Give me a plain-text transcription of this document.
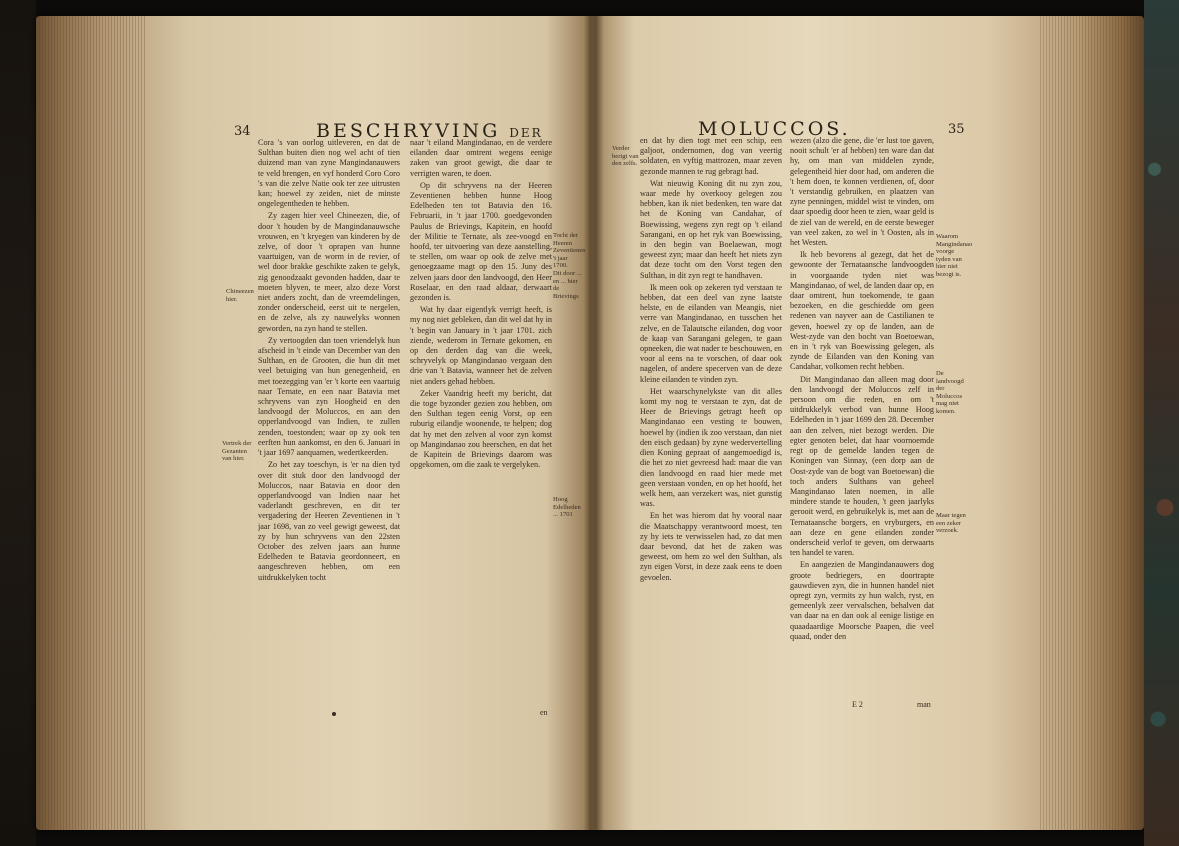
34	BESCHRYVING DER

Cora 's van oorlog uitleveren, en dat de Sulthan buiten dien nog wel acht of tien duizend man van zyne Mangindanauwers te veld brengen, en vyf honderd Coro Coro 's van die zelve Natie ook ter zee uitrusten kan; hoewel zy zeiden, niet de minste ongelegentheden te hebben.

Zy zagen hier veel Chineezen, die, of door 't houden by de Mangindanauwsche vrouwen, en 't kryegen van kinderen by de zelve, of door 't oprapen van hunne vaartuigen, van de worm in de revier, of wel door brakke geschikte zaken te gelyk, zig genoodzaakt gevonden hadden, daar te moeten blyven, te meer, alzo deze Vorst niet anders zocht, dan de vreemdelingen, zonder onderscheid, eerst uit te nergelen, en de zelve, als zy nauwelyks wonnen geworden, na zyn hand te stellen.

Zy vertoogden dan toen vriendelyk hun afscheid in 't einde van December van den Sulthan, en de Grooten, die hun dit met veel betuiging van hun genegenheid, en met toezegging van 'er 't korte een vaartuig naar Ternate, en een naar Batavia met schryvens van zyn Hoogheid en den landvoogd der Moluccos, en aan den opperlandvoogd van Indien, te zullen zenden, toestonden; waar op zy ook ten eerften hun aankomst, en den 6. Januari in 't jaar 1697 aanquamen, wedertkeerden.

Zo het zay toeschyn, is 'er na dien tyd over dit stuk door den landvoogd der Moluccos, naar Batavia en door den opperlandvoogd van Indien naar het vaderlandt geschreven, en dit ter vergadering der Heeren Zeventienen in 't jaar 1698, van zo veel gewigt geweest, dat zy by hun schryvens van den 22sten October des zelven jaars aan hunne Edelheden te Batavia geordonneert, en aangeschreven hebben, om een uitdrukkelyken tocht

naar 't eiland Mangindanao, en de verdere eilanden daar omtrent wegens eenige zaken van groot gewigt, die daar te verrigten waren, te doen.

Op dit schryvens na der Heeren Zeventienen hebben hunne Hoog Edelheden ten tot Batavia den 16. Februarii, in 't jaar 1700. goedgevonden Paulus de Brievings, Kapitein, en hoofd der Militie te Ternate, als zee-voogd en hoofd, ter uitvoering van deze aanstelling, te stellen, om waar op ook de zelve met genoegzaame magt op den 15. Juny des zelven jaars door den landvoogd, den Heer Roselaar, en den raad aldaar, derwaart gezonden is.

Wat hy daar eigentlyk verrigt heeft, is my nog niet gebleken, dan dit wel dat hy in 't begin van January in 't jaar 1701. zich ziende, wederom in Ternate gekomen, en op den derden dag van die week, schryvelyk op Mangindanao vergaan den drie van 't Batavia, wanneer het de zelven niet anders gehad hebben.

Zeker Vaandrig heeft my bericht, dat die toge byzonder gezien zou hebben, om den Sulthan tegen eenig Vorst, op een ruburig eilandje woonende, te helpen; dog dat hy met den zelven al voor zyn komst op Mangindanao zou heerschen, en dat het de Kapitein de Brievings daarom was opgekomen, om die zaak te vergelyken.

Chineezen hier.
Vertrek der Gezanten van hier.
Tocht der Heeren Zeventienen 't jaar 1700.
Dit door ... en ... hier de Brievings
Hoog Edelheden ... 1701
en
MOLUCCOS.	35

en dat hy dien togt met een schip, een galjoot, ondernomen, dog van veertig soldaten, en vyftig mattrozen, maar zeven gezonde mannen te rug gebragt had.

Wat nieuwig Koning dit nu zyn zou, waar mede hy overkooy gelegen zou hebben, kan ik niet bedenken, ten ware dat het de Koning van Candahar, of Boewissing, wegens zyn regt op 't eiland Sarangani, en op het ryk van Boewissing, in den begin van Boelaewan, mogt geweest zyn; maar dan heeft het niets zyn dat deze tocht om den Vorst tegen den Sulthan, in dit zyn regt te handhaven.

Ik meen ook op zekeren tyd verstaan te hebben, dat een deel van zyne laatste helste, en de eilanden van Meangis, niet verre van Mangindanao, en tusschen het zelve, en de Talautsche eilanden, dog voor de kaap van Sarangani gelegen, te gaan opneeken, die wat nader te beschouwen, en voor al eens na te vorschen, of daar ook nagelen, of andere specerven van de deze kleine eilanden te vinden zyn.

Het waarschynelykste van dit alles komt my nog te verstaan te zyn, dat de Heer de Brievings getragt heeft op Mangindanao een vesting te bouwen, hoewel hy (indien ik zoo verstaan, dan niet den eisch gedaan) by zyne wedervertelling dien Koning gepraat of aangemoedigd is, die het zo niet gevreesd had: maar die van dien landvoogd en raad hier mede met geen verstaan vonden, en op het hoofd, het welk hem, aan verzekert was, niet gunstig was.

En het was hierom dat hy vooral naar die Maatschappy verantwoord moest, ten zy hy iets te verwisselen had, zo dat men daar bevond, dat het de zaken was geweest, om hem zo wel den Sulthan, als zyn eigen Vorst, in deze zaak eens te doen gevoelen.

wezen (alzo die gene, die 'er lust toe gaven, nooit schult 'er af hebben) ten ware dan dat hy, om man van middelen zynde, gelegentheid hier door had, om anderen die 't hem doen, te konnen verdienen, of, door 't verstandig gebruiken, en plaatzen van zyne penningen, middel wist te vinden, om daar spoedig door heen te zien, waar geld is de ziel van de wereld, en de eerste beweger van veel zaken, zo wel in 't Oosten, als in het Westen.

Ik heb bevorens al gezegt, dat het de gewoonte der Ternataansche landvoogden in voorgaande tyden niet was Mangindanao, of wel, de landen daar op, en daar omtrent, hun toekomende, te gaan bezoeken, en die geschiedde om geen redenen van nayver aan de Castilianen te geven, hoewel zy op de landen, aan de West-zyde van den bocht van Boetoewan, en in 't ryk van Boewissing gelegen, als zynde de Eilanden van den Koning van Candahar, volkomen recht hebben.

Dit Mangindanao dan alleen mag door den landvoogd der Moluccos zelf in persoon om die reden, en om 't uitdrukkelyk verbod van hunne Hoog Edelheden in 't jaar 1699 den 28. December aan den zelven, niet bezogt werden. Die egter genoten belet, dat haar voornoemde regt op de gemelde landen tegen de Koningen van Sinnay, (een dorp aan de Oost-zyde van de bogt van Boetoewan) die toch anders Sulthans van geheel Mangindanao laten noemen, in alle mindere stande te houden, 't geen jaarlyks gerooit werd, en gebruikelyk is, met aan de Ternataansche borgers, en vryburgers, en aan deze en gene eilanden zonder onderscheid verlof te geven, om derwaarts ten handel te varen.

En aangezien de Mangindanauwers dog groote bedriegers, en doortrapte gauwdieven zyn, die in hunnen handel niet opregt zyn, vermits zy hun walch, ryst, en gemeenlyk zeer vervalschen, behalven dat van daar na en dan ook al eenige listige en quaadaardige Moorsche Paapen, die veel quaad, onder den

Verder berigt van den zelfs.
Waarom Mangindanao voorge tyden van hier niet bezogt is.
De landvoogd der Moluccos mag niet komen.
Maar tegen een zeker verzoek.
E 2	man
